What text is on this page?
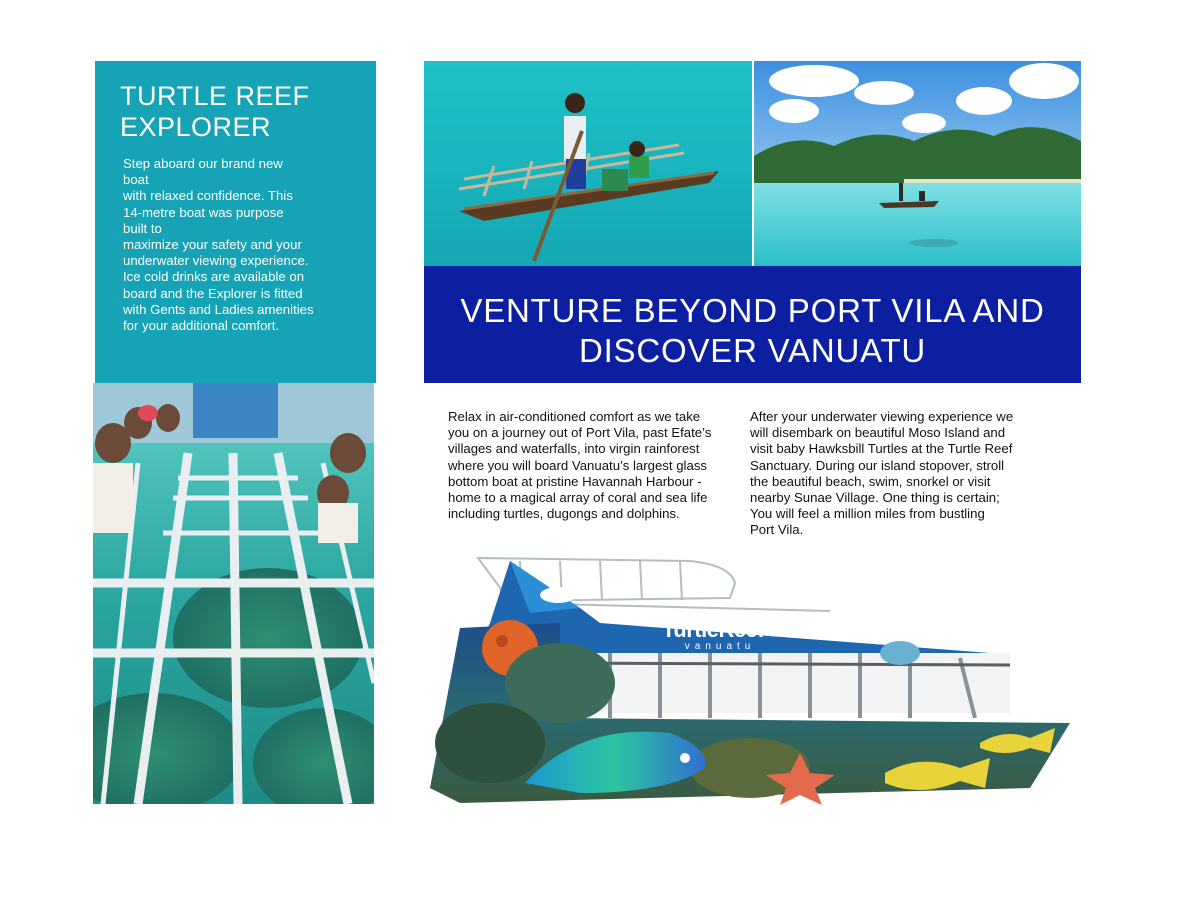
TURTLE REEF
EXPLORER
Step aboard our brand new
boat
with relaxed confidence. This
14-metre boat was purpose
built to
maximize your safety and your
underwater viewing experience.
Ice cold drinks are available on
board and the Explorer is fitted
with Gents and Ladies amenities
for your additional comfort.	VENTURE BEYOND PORT VILA AND
DISCOVER VANUATU
Relax in air-conditioned comfort as we take
you on a journey out of Port Vila, past Efate’s
villages and waterfalls, into virgin rainforest
where you will board Vanuatu’s largest glass
bottom boat at pristine Havannah Harbour -
home to a magical array of coral and sea life
including turtles, dugongs and dolphins.
After your underwater viewing experience we
will disembark on beautiful Moso Island and
visit baby Hawksbill Turtles at the Turtle Reef
Sanctuary. During our island stopover, stroll
the beautiful beach, swim, snorkel or visit
nearby Sunae Village. One thing is certain;
You will feel a million miles from bustling
Port Vila.
TurtleReef
vanuatu
